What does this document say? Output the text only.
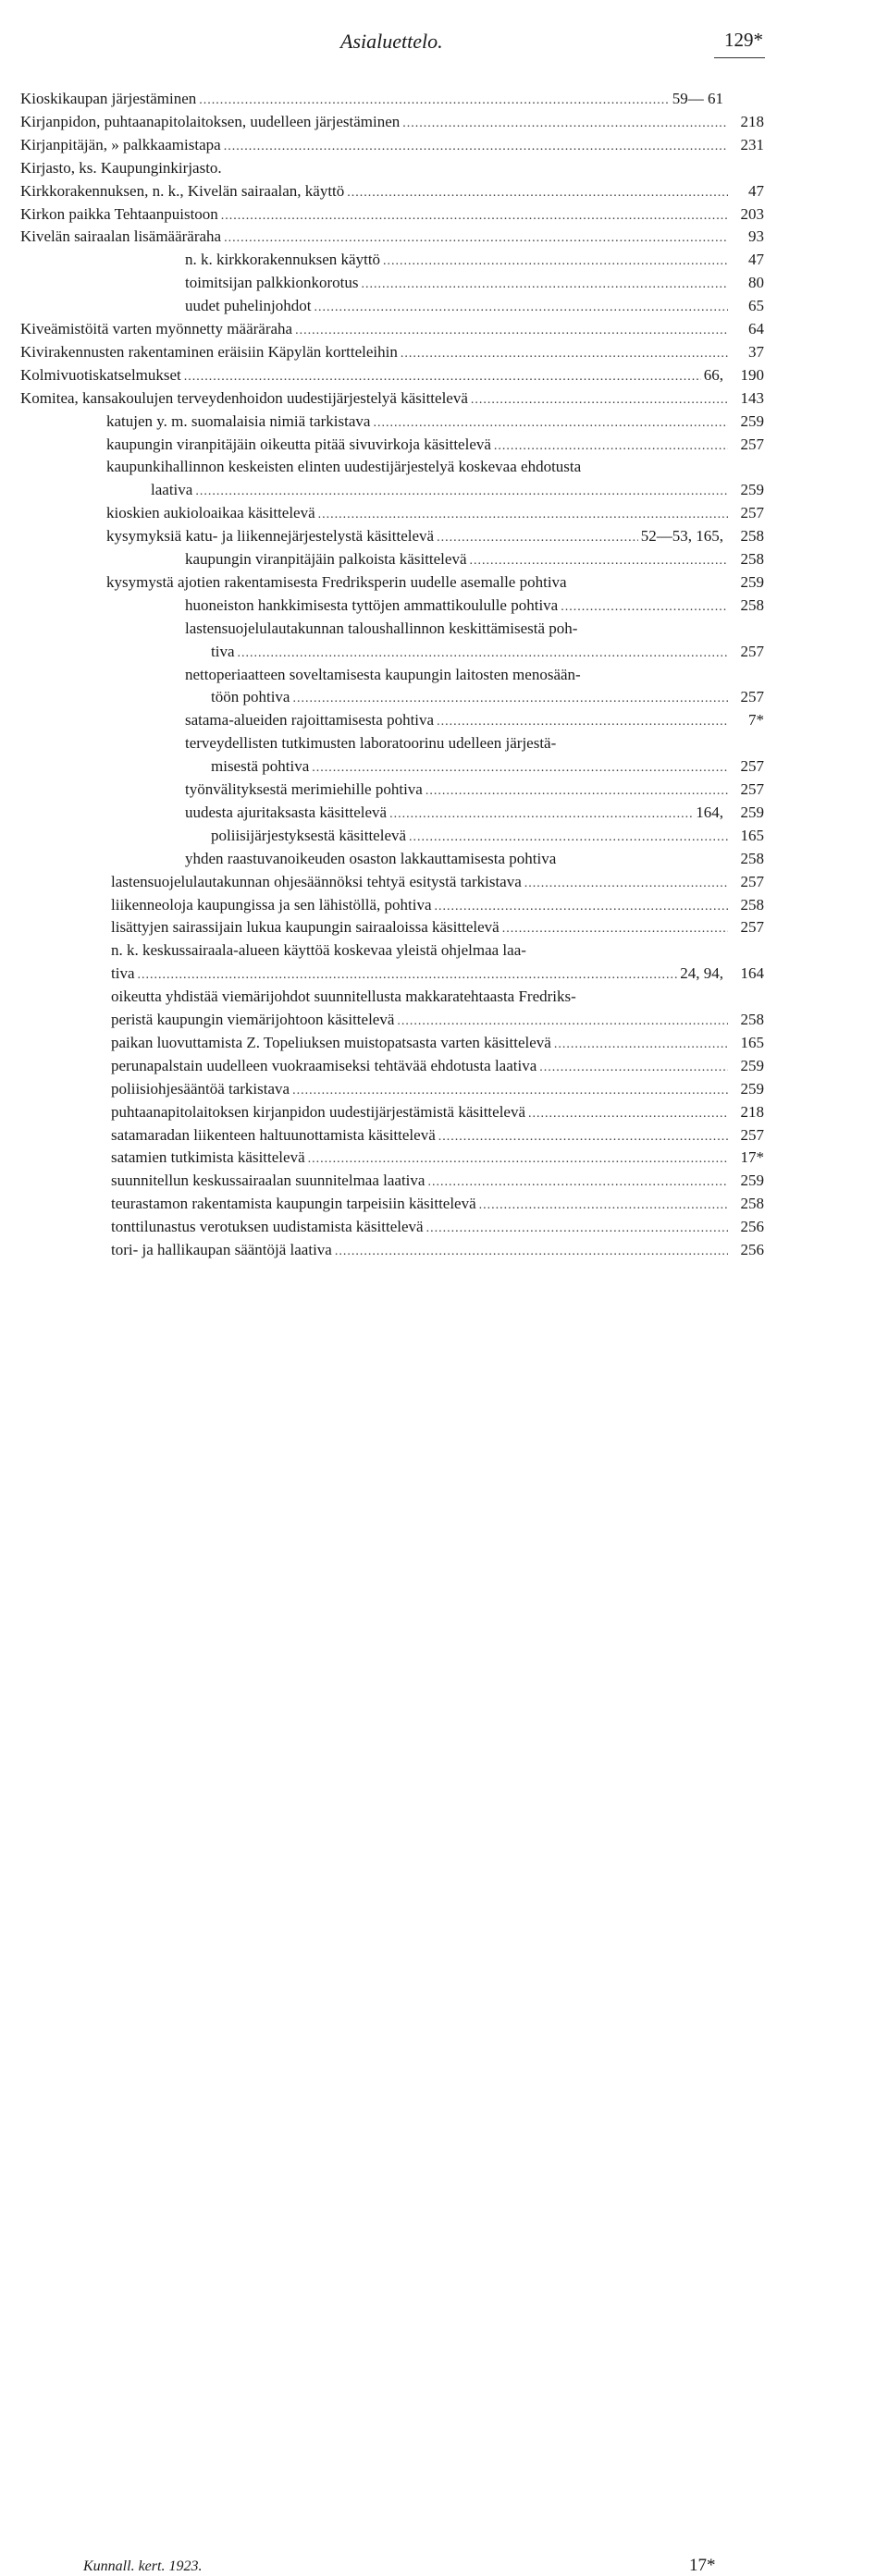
Asialuettelo.	129*
Kioskikaupan järjestäminen .....	59— 61
Kirjanpidon, puhtaanapitolaitoksen, uudelleen järjestäminen .....	218
Kirjanpitäjän, » palkkaamistapa .....	231
Kirjasto, ks. Kaupunginkirjasto.
Kirkkorakennuksen, n. k., Kivelän sairaalan, käyttö .....	47
Kirkon paikka Tehtaanpuistoon .....	203
Kivelän sairaalan lisämääräraha .....	93
n. k. kirkkorakennuksen käyttö .....	47
toimitsijan palkkionkorotus .....	80
uudet puhelinjohdot .....	65
Kiveämistöitä varten myönnetty määräraha .....	64
Kivirakennusten rakentaminen eräisiin Käpylän kortteleihin .....	37
Kolmivuotiskatselmukset .....	66,	190
Komitea, kansakoulujen terveydenhoidon uudestijärjestelyä käsittelevä .....	143
katujen y. m. suomalaisia nimiä tarkistava .....	259
kaupungin viranpitäjäin oikeutta pitää sivuvirkoja käsittelevä .....	257
kaupunkihallinnon keskeisten elinten uudestijärjestelyä koskevaa ehdotusta
laativa .....	259
kioskien aukioloaikaa käsittelevä .....	257
kysymyksiä katu- ja liikennejärjestelystä käsittelevä .....	52—53, 165,	258
kaupungin viranpitäjäin palkoista käsittelevä .....	258
kysymystä ajotien rakentamisesta Fredriksperin uudelle asemalle pohtiva	259
huoneiston hankkimisesta tyttöjen ammattikoululle pohtiva .....	258
lastensuojelulautakunnan taloushallinnon keskittämisestä poh-
tiva .....	257
nettoperiaatteen soveltamisesta kaupungin laitosten menosään-
töön pohtiva .....	257
satama-alueiden rajoittamisesta pohtiva .....	7*
terveydellisten tutkimusten laboratoorinu udelleen järjestä-
misestä pohtiva .....	257
työnvälityksestä merimiehille pohtiva .....	257
uudesta ajuritaksasta käsittelevä .....	164,	259
poliisijärjestyksestä käsittelevä .....	165
yhden raastuvanoikeuden osaston lakkauttamisesta pohtiva	258
lastensuojelulautakunnan ohjesäännöksi tehtyä esitystä tarkistava .....	257
liikenneoloja kaupungissa ja sen lähistöllä, pohtiva .....	258
lisättyjen sairassijain lukua kaupungin sairaaloissa käsittelevä .....	257
n. k. keskussairaala-alueen käyttöä koskevaa yleistä ohjelmaa laa-
tiva .....	24, 94,	164
oikeutta yhdistää viemärijohdot suunnitellusta makkaratehtaasta Fredriks-
peristä kaupungin viemärijohtoon käsittelevä .....	258
paikan luovuttamista Z. Topeliuksen muistopatsasta varten käsittelevä .....	165
perunapalstain uudelleen vuokraamiseksi tehtävää ehdotusta laativa .....	259
poliisiohjesääntöä tarkistava .....	259
puhtaanapitolaitoksen kirjanpidon uudestijärjestämistä käsittelevä .....	218
satamaradan liikenteen haltuunottamista käsittelevä .....	257
satamien tutkimista käsittelevä .....	17*
suunnitellun keskussairaalan suunnitelmaa laativa .....	259
teurastamon rakentamista kaupungin tarpeisiin käsittelevä .....	258
tonttilunastus verotuksen uudistamista käsittelevä .....	256
tori- ja hallikaupan sääntöjä laativa .....	256
Kunnall. kert. 1923.	17*
